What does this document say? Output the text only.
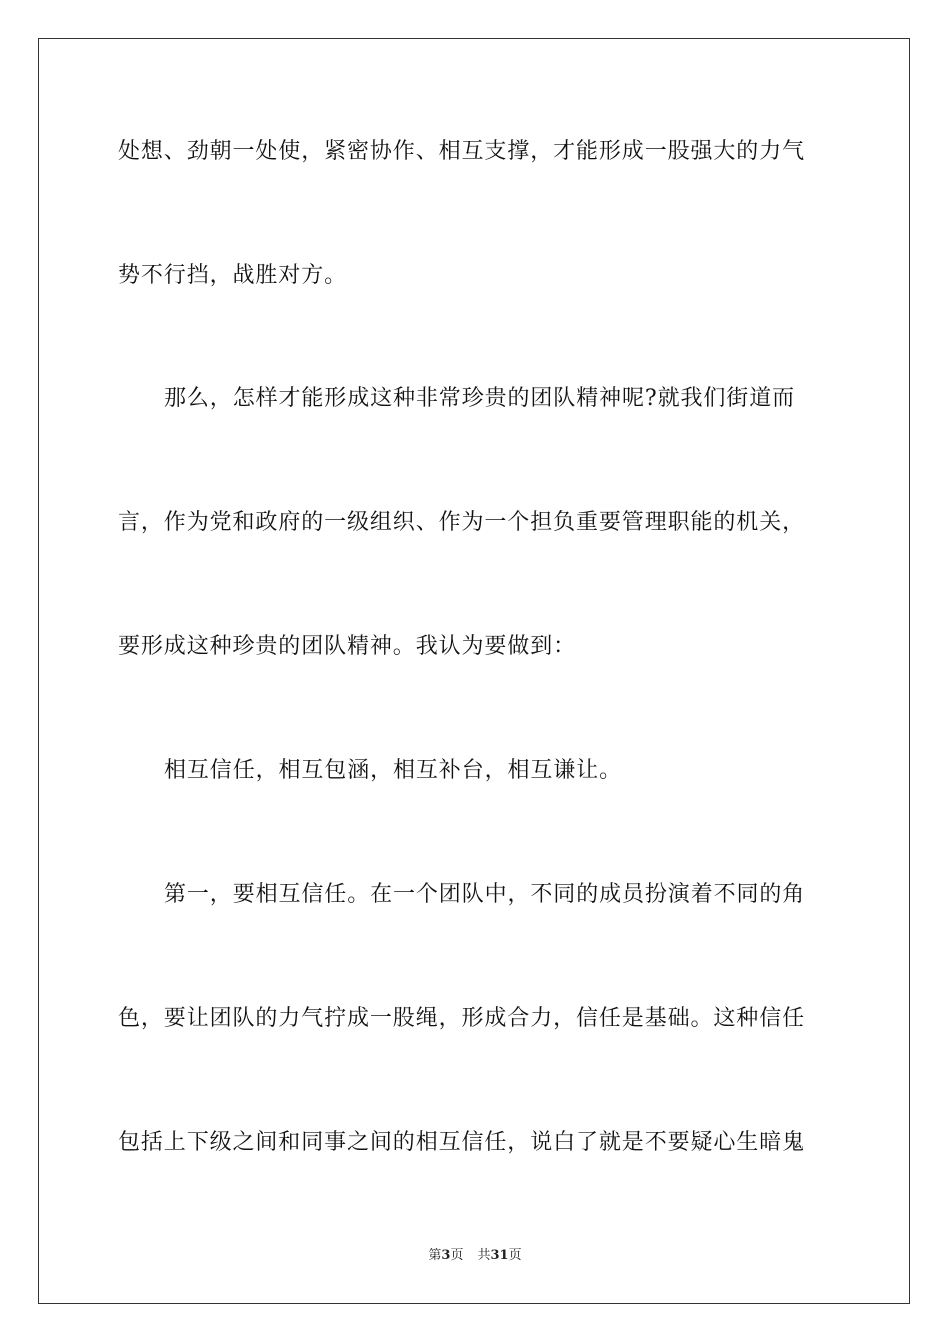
处想、劲朝一处使，紧密协作、相互支撑，才能形成一股强大的力气
势不行挡，战胜对方。
那么，怎样才能形成这种非常珍贵的团队精神呢?就我们街道而
言，作为党和政府的一级组织、作为一个担负重要管理职能的机关，
要形成这种珍贵的团队精神。我认为要做到：
相互信任，相互包涵，相互补台，相互谦让。
第一，要相互信任。在一个团队中，不同的成员扮演着不同的角
色，要让团队的力气拧成一股绳，形成合力，信任是基础。这种信任
包括上下级之间和同事之间的相互信任，说白了就是不要疑心生暗鬼
第3页 共31页
